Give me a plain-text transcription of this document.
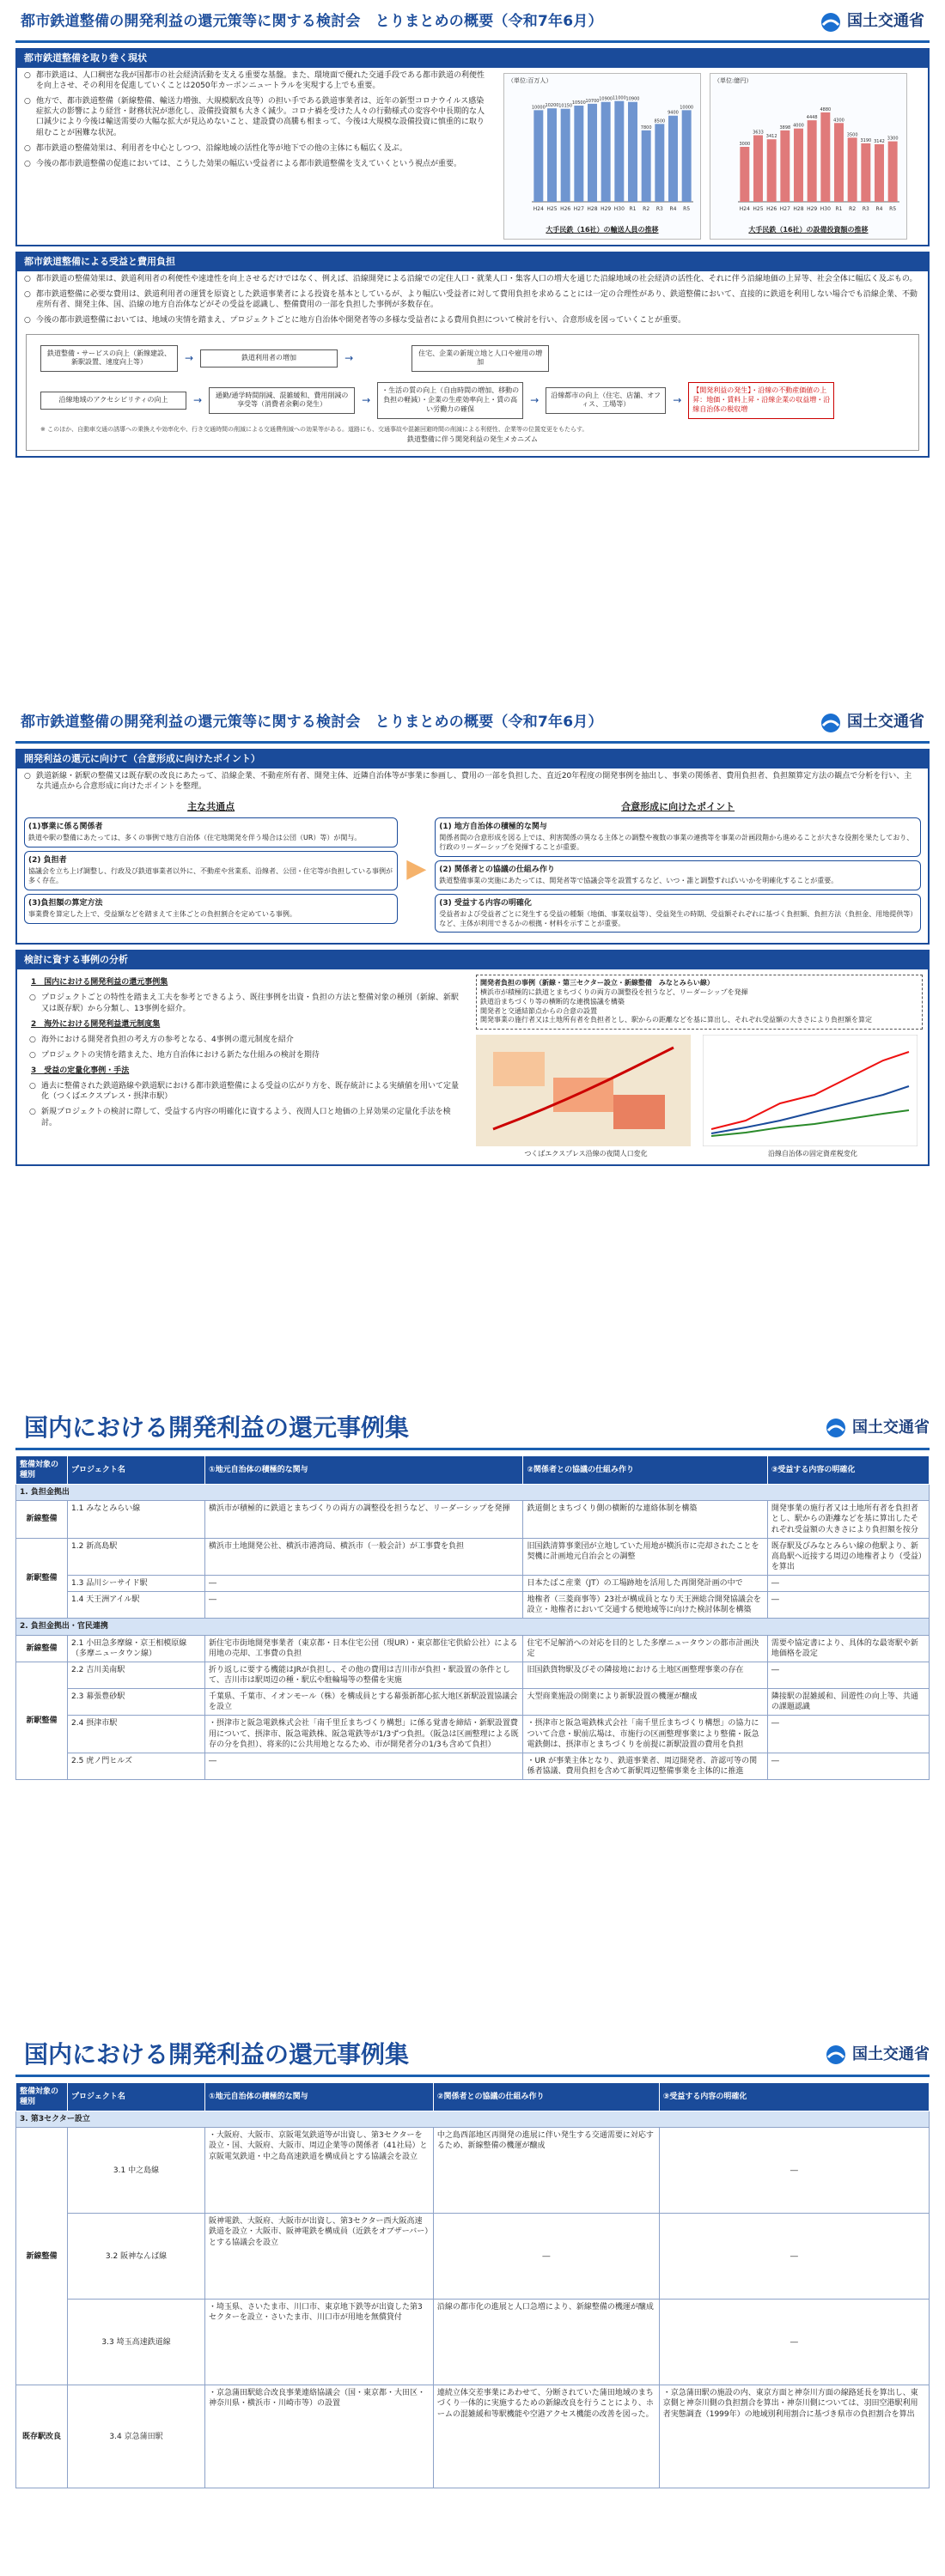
都市鉄道整備の開発利益の還元策等に関する検討会　とりまとめの概要（令和7年6月）	国土交通省
都市鉄道整備を取り巻く現状
○ 都市鉄道は、人口稠密な我が国都市の社会経済活動を支える重要な基盤。また、環境面で優れた交通手段である都市鉄道の利便性を向上させ、その利用を促進していくことは2050年カーボンニュートラルを実現する上でも重要。
○ 他方で、都市鉄道整備（新線整備、輸送力増強、大規模駅改良等）の担い手である鉄道事業者は、近年の新型コロナウイルス感染症拡大の影響により経営・財務状況が悪化し、設備投資額も大きく減少。コロナ禍を受けた人々の行動様式の変容や中長期的な人口減少により今後は輸送需要の大幅な拡大が見込めないこと、建設費の高騰も相まって、今後は大規模な設備投資に慎重的に取り組むことが困難な状況。
○ 都市鉄道の整備効果は、利用者を中心としつつ、沿線地域の活性化等が地下での他の主体にも幅広く及ぶ。
○ 今後の都市鉄道整備の促進においては、こうした効果の幅広い受益者による都市鉄道整備を支えていくという視点が重要。
（単位:百万人）
H24
10000
H25
10200
H26
10150
H27
10500
H28
10700
H29
10900
H30
11000
R1
10900
R2
7800
R3
8500
R4
9400
R5
10000
大手民鉄（16社）の輸送人員の推移
（単位:億円）
H24
3000
H25
3633
H26
3412
H27
3898
H28
4000
H29
4448
H30
4880
R1
4300
R2
3500
R3
3190
R4
3142
R5
3300
大手民鉄（16社）の設備投資額の推移
都市鉄道整備による受益と費用負担
○ 都市鉄道の整備効果は、鉄道利用者の利便性や速達性を向上させるだけではなく、例えば、沿線開発による沿線での定住人口・就業人口・集客人口の増大を通じた沿線地域の社会経済の活性化、それに伴う沿線地価の上昇等、社会全体に幅広く及ぶもの。
○ 都市鉄道整備に必要な費用は、鉄道利用者の運賃を原資とした鉄道事業者による投資を基本としているが、より幅広い受益者に対して費用負担を求めることには一定の合理性があり、鉄道整備において、直接的に鉄道を利用しない場合でも沿線企業、不動産所有者、開発主体、国、沿線の地方自治体などがその受益を認識し、整備費用の一部を負担した事例が多数存在。
○ 今後の都市鉄道整備においては、地域の実情を踏まえ、プロジェクトごとに地方自治体や開発者等の多様な受益者による費用負担について検討を行い、合意形成を図っていくことが重要。
鉄道整備・サービスの向上（新線建設、新駅設置、速度向上等）	→	鉄道利用者の増加	→	住宅、企業の新規立地と人口や雇用の増加
沿線地域のアクセシビリティの向上	→	通勤/通学時間削減、混雑緩和、費用削減の享受等（消費者余剰の発生）	→
・生活の質の向上（自由時間の増加、移動の負担の軽減）・企業の生産効率向上・賃の高い労働力の確保
→	沿線都市の向上（住宅、店舗、オフィス、工場等）	→
【開発利益の発生】・沿線の不動産価値の上昇：地価・賃料上昇・沿線企業の収益増・沿線自治体の税収増
※ このほか、自動車交通の誘導への乗換えや効率化や、行き交通時間の削減による交通費削減への効果等がある。道路にも、交通事故や混雑回避時間の削減による利便性、企業等の位置変更をもたらす。
鉄道整備に伴う開発利益の発生メカニズム
都市鉄道整備の開発利益の還元策等に関する検討会　とりまとめの概要（令和7年6月）	国土交通省
開発利益の還元に向けて（合意形成に向けたポイント）
○ 鉄道新線・新駅の整備又は既存駅の改良にあたって、沿線企業、不動産所有者、開発主体、近隣自治体等が事業に参画し、費用の一部を負担した、直近20年程度の開発事例を抽出し、事業の関係者、費用負担者、負担額算定方法の観点で分析を行い、主な共通点から合意形成に向けたポイントを整理。
主な共通点
(1)事業に係る関係者
鉄道や駅の整備にあたっては、多くの事例で地方自治体（住宅地開発を伴う場合は公団（UR）等）が関与。
(2) 負担者
協議会を立ち上げ調整し、行政及び鉄道事業者以外に、不動産や営業系、沿線者、公団・住宅等が負担している事例が多く存在。
(3)負担額の算定方法
事業費を算定した上で、受益額などを踏まえて主体ごとの負担割合を定めている事例。
▶
合意形成に向けたポイント
(1) 地方自治体の積極的な関与
関係者間の合意形成を図る上では、利害関係の異なる主体との調整や複数の事業の連携等を事業の計画段階から進めることが大きな役割を果たしており、行政のリーダーシップを発揮することが重要。
(2) 関係者との協議の仕組み作り
鉄道整備事業の実施にあたっては、開発者等で協議会等を設置するなど、いつ・誰と調整すればいいかを明確化することが重要。
(3) 受益する内容の明確化
受益者および受益者ごとに発生する受益の種類（地価、事業収益等）、受益発生の時期、受益額それぞれに基づく負担額、負担方法（負担金、用地提供等）など、主体が利用できるかの根拠・材料を示すことが重要。
検討に資する事例の分析
1　国内における開発利益の還元事例集
○ プロジェクトごとの特性を踏まえ工夫を参考とできるよう、既往事例を出資・負担の方法と整備対象の種別（新線、新駅又は既存駅）から分類し、13事例を紹介。
2　海外における開発利益還元制度集
○ 海外における開発者負担の考え方の参考となる、4事例の還元制度を紹介
○ プロジェクトの実情を踏まえた、地方自治体における新たな仕組みの検討を期待
3　受益の定量化事例・手法
○ 過去に整備された鉄道路線や鉄道駅における都市鉄道整備による受益の広がり方を、既存統計による実績値を用いて定量化（つくばエクスプレス・摂津市駅）
○ 新規プロジェクトの検討に際して、受益する内容の明確化に資するよう、夜間人口と地価の上昇効果の定量化手法を検討。
開発者負担の事例（新線・第三セクター設立・新線整備　みなとみらい線）
横浜市が積極的に鉄道とまちづくりの両方の調整役を担うなど、リーダーシップを発揮
鉄道沿まちづくり等の横断的な連携協議を構築
開発者と交通結節点からの合意の設置
開発事業の施行者又は土地所有者を負担者とし、駅からの距離などを基に算出し、それぞれ受益額の大きさにより負担額を算定
つくばエクスプレス沿線の夜間人口変化	沿線自治体の固定資産税変化
国内における開発利益の還元事例集	国土交通省
整備対象の種別	プロジェクト名	①地元自治体の積極的な関与	②関係者との協議の仕組み作り	③受益する内容の明確化
1. 負担金拠出				
新線整備	1.1 みなとみらい線	横浜市が積極的に鉄道とまちづくりの両方の調整役を担うなど、リーダーシップを発揮	鉄道側とまちづくり側の横断的な連絡体制を構築	開発事業の施行者又は土地所有者を負担者とし、駅からの距離などを基に算出したそれぞれ受益額の大きさにより負担額を按分
新駅整備	1.2 新高島駅	横浜市土地開発公社、横浜市港湾局、横浜市（一般会計）が工事費を負担	旧国鉄清算事業団が立地していた用地が横浜市に売却されたことを契機に計画地元自治会との調整	既存駅及びみなとみらい線の他駅より、新高島駅へ近接する周辺の地権者より（受益）を算出
	1.3 品川シーサイド駅	―	日本たばこ産業（JT）の工場跡地を活用した再開発計画の中で	―
	1.4 天王洲アイル駅	―	地権者（三菱商事等）23社が構成員となり天王洲総合開発協議会を設立・地権者において交通する便地域等に向けた検討体制を構築	―
2. 負担金拠出・官民連携				
新線整備	2.1 小田急多摩線・京王相模原線（多摩ニュータウン線）	新住宅市街地開発事業者（東京都・日本住宅公団（現UR）・東京都住宅供給公社）による用地の売却、工事費の負担	住宅不足解消への対応を目的とした多摩ニュータウンの都市計画決定	需要や協定書により、具体的な最寄駅や新地価格を設定
新駅整備	2.2 吉川美南駅	折り返しに要する機能はJRが負担し、その他の費用は吉川市が負担・駅設置の条件として、吉川市は駅周辺の種・駅広や駐輪場等の整備を実施	旧国鉄貨物駅及びその隣接地における土地区画整理事業の存在	―
	2.3 幕張豊砂駅	千葉県、千葉市、イオンモール（株）を構成員とする幕張新都心拡大地区新駅設置協議会を設立	大型商業施設の開業により新駅設置の機運が醸成	隣接駅の混雑緩和、回遊性の向上等、共通の課題認識
	2.4 摂津市駅	・摂津市と阪急電鉄株式会社「南千里丘まちづくり構想」に係る覚書を締結・新駅設置費用について、摂津市、阪急電鉄株、阪急電鉄等が1/3ずつ負担。（阪急は区画整理による既存の分を負担）、将来的に公共用地となるため、市が開発者分の1/3も含めて負担）	・摂津市と阪急電鉄株式会社「南千里丘まちづくり構想」の協力について合意・駅前広場は、市施行の区画整理事業により整備・阪急電鉄側は、摂津市とまちづくりを前提に新駅設置の費用を負担	―
	2.5 虎ノ門ヒルズ	―	・UR が事業主体となり、鉄道事業者、周辺開発者、許認可等の関係者協議、費用負担を含めて新駅周辺整備事業を主体的に推進	―
国内における開発利益の還元事例集	国土交通省
整備対象の種別	プロジェクト名	①地元自治体の積極的な関与	②関係者との協議の仕組み作り	③受益する内容の明確化
3. 第3セクター設立				
新線整備	3.1 中之島線	・大阪府、大阪市、京阪電気鉄道等が出資し、第3セクターを設立・国、大阪府、大阪市、周辺企業等の関係者（41社局）と京阪電気鉄道・中之島高速鉄道を構成員とする協議会を設立	中之島西部地区再開発の進展に伴い発生する交通需要に対応するため、新線整備の機運が醸成	―
	3.2 阪神なんば線	阪神電鉄、大阪府、大阪市が出資し、第3セクター西大阪高速鉄道を設立・大阪市、阪神電鉄を構成員（近鉄をオブザーバー）とする協議会を設立	―	―
	3.3 埼玉高速鉄道線	・埼玉県、さいたま市、川口市、東京地下鉄等が出資した第3セクターを設立・さいたま市、川口市が用地を無償貸付	沿線の都市化の進展と人口急増により、新線整備の機運が醸成	―
既存駅改良	3.4 京急蒲田駅	・京急蒲田駅総合改良事業連絡協議会（国・東京都・大田区・神奈川県・横浜市・川崎市等）の設置	連続立体交差事業にあわせて、分断されていた蒲田地域のまちづくり一体的に実施するための新線改良を行うことにより、ホームの混雑緩和等駅機能や空港アクセス機能の改善を図った。	・京急蒲田駅の施設の内、東京方面と神奈川方面の線路延長を算出し、東京側と神奈川側の負担割合を算出・神奈川側については、羽田空港駅利用者実態調査（1999年）の地域別利用割合に基づき県市の負担割合を算出
